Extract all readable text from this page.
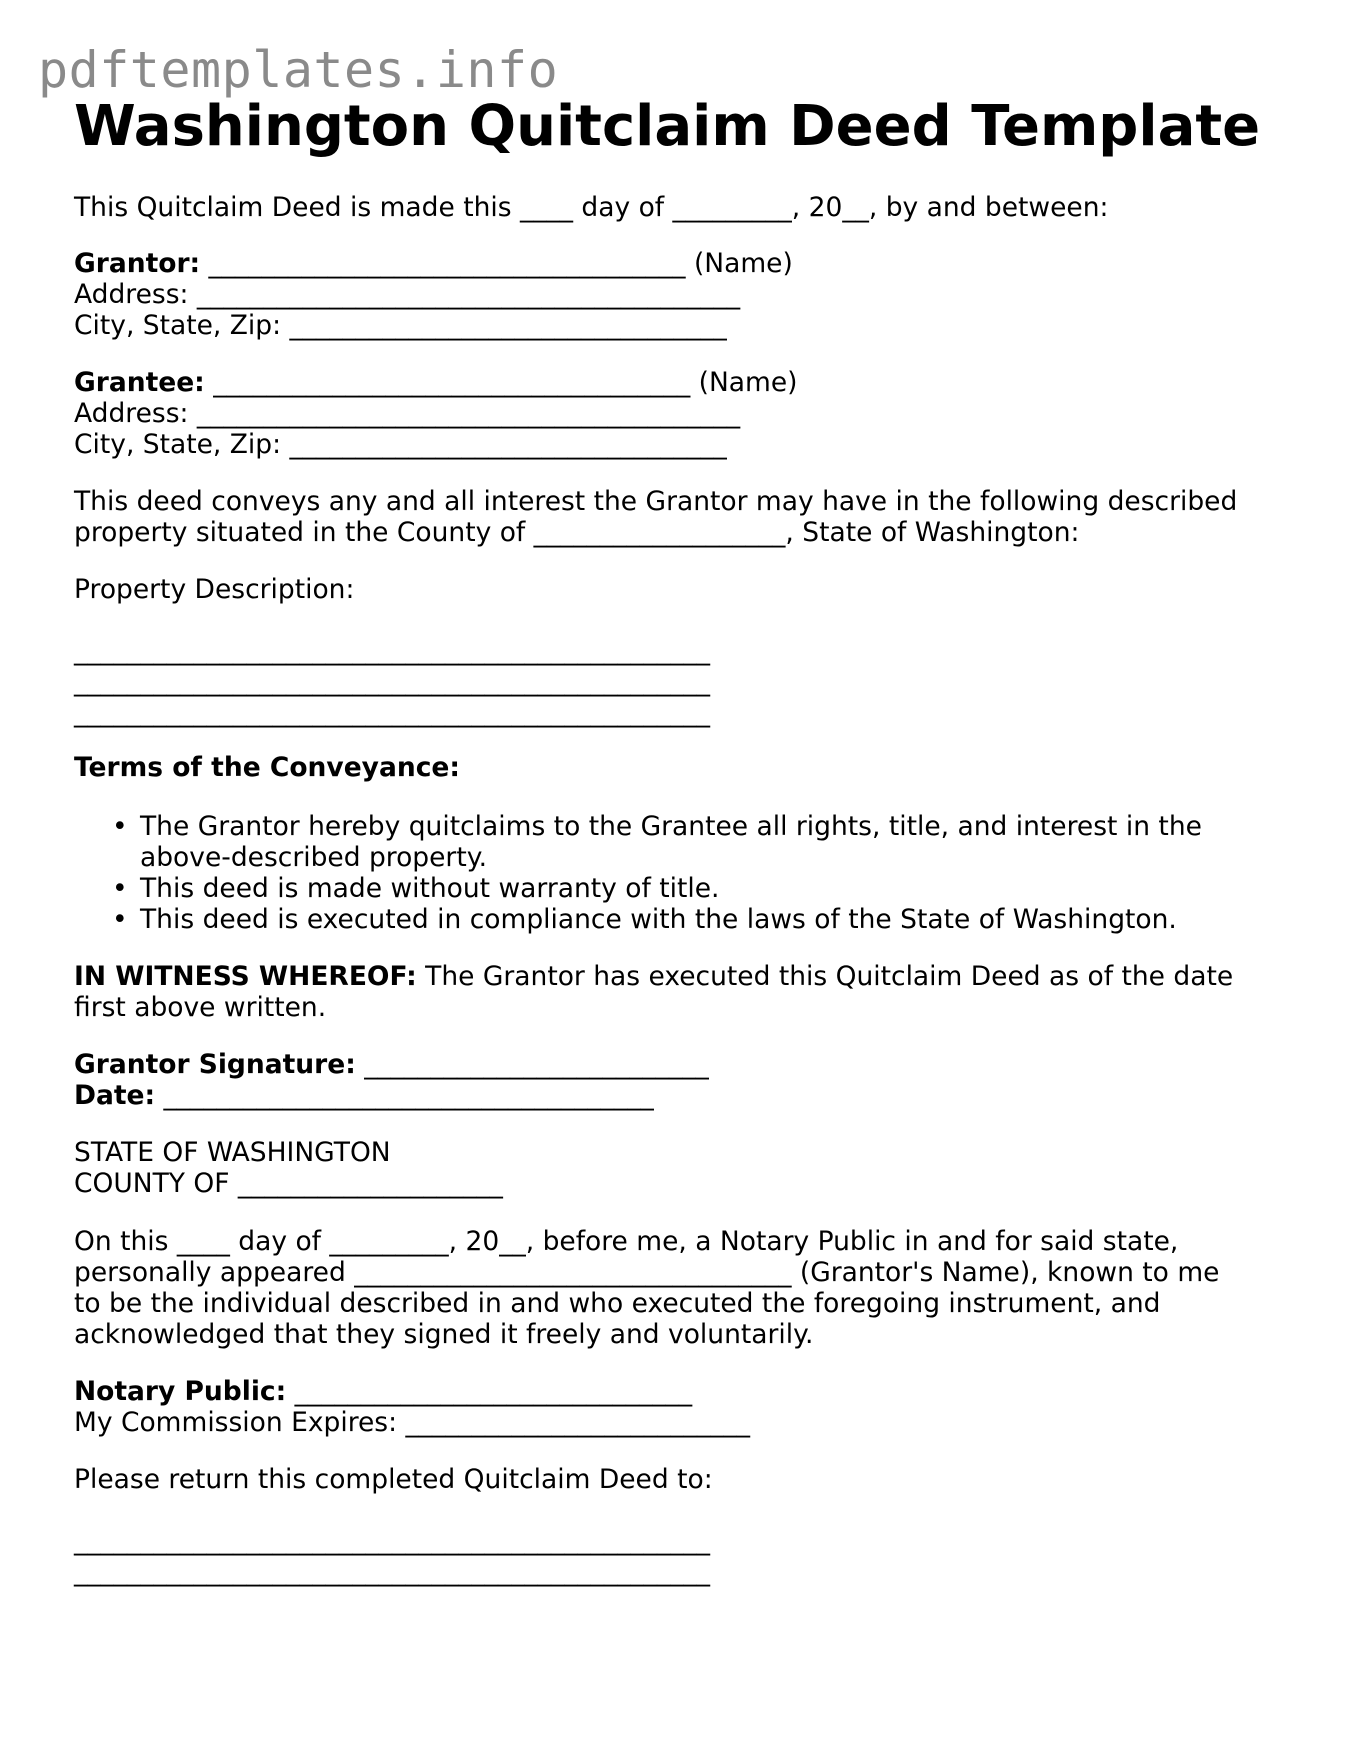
pdftemplates.info
Washington Quitclaim Deed Template
This Quitclaim Deed is made this ____ day of _________, 20__, by and between:
Grantor: ____________________________________ (Name)
Address: _________________________________________
City, State, Zip: _________________________________
Grantee: ____________________________________ (Name)
Address: _________________________________________
City, State, Zip: _________________________________
This deed conveys any and all interest the Grantor may have in the following described
property situated in the County of ___________________, State of Washington:
Property Description:
________________________________________________
________________________________________________
________________________________________________
Terms of the Conveyance:
• The Grantor hereby quitclaims to the Grantee all rights, title, and interest in the
above-described property.
• This deed is made without warranty of title.
• This deed is executed in compliance with the laws of the State of Washington.
IN WITNESS WHEREOF: The Grantor has executed this Quitclaim Deed as of the date
first above written.
Grantor Signature: __________________________
Date: _____________________________________
STATE OF WASHINGTON
COUNTY OF ____________________
On this ____ day of _________, 20__, before me, a Notary Public in and for said state,
personally appeared _________________________________ (Grantor's Name), known to me
to be the individual described in and who executed the foregoing instrument, and
acknowledged that they signed it freely and voluntarily.
Notary Public: ______________________________
My Commission Expires: __________________________
Please return this completed Quitclaim Deed to:
________________________________________________
________________________________________________
